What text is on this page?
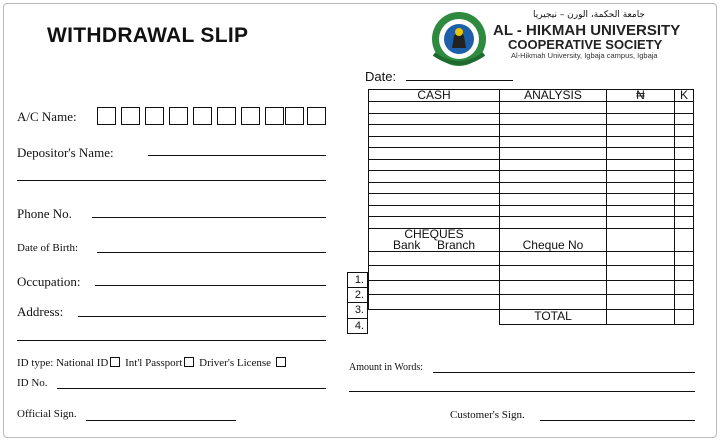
WITHDRAWAL SLIP
جامعة الحكمة، الورن – نيجيريا
AL - HIKMAH UNIVERSITY
COOPERATIVE SOCIETY
Al-Hikmah University, Igbaja campus, Igbaja
A/C Name:
Depositor's Name:
Phone No.
Date of Birth:
Occupation:
Address:
ID type: National ID Int'l Passport Driver's License
ID No.
Official Sign.
Date:
CASH	ANALYSIS	₦	K

CHEQUES			
Bank Branch	Cheque No		

	TOTAL		
1.
2.
3.
4.
Amount in Words:
Customer's Sign.
